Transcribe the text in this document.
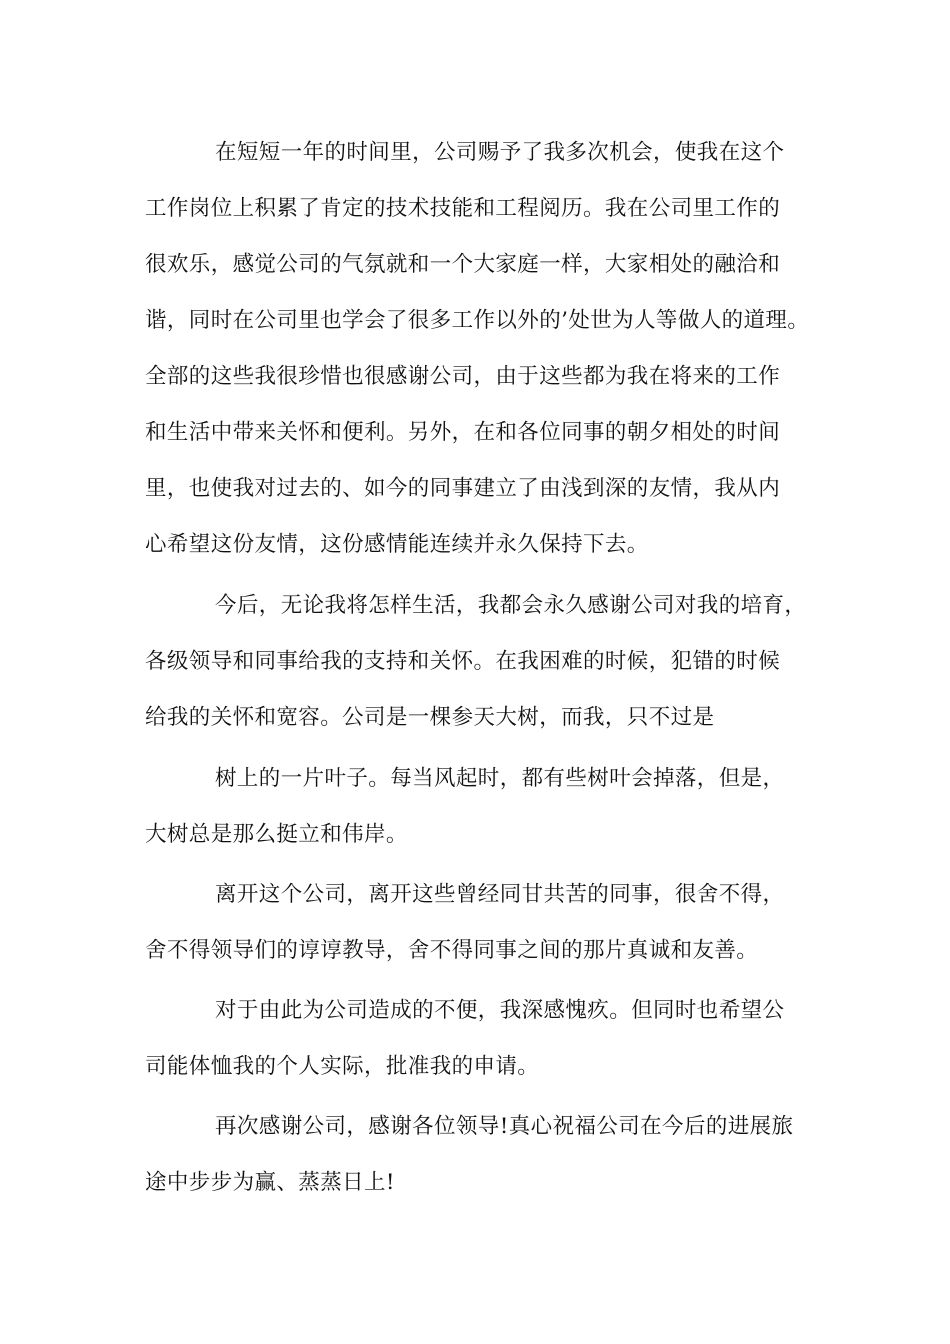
在短短一年的时间里，公司赐予了我多次机会，使我在这个
工作岗位上积累了肯定的技术技能和工程阅历。我在公司里工作的
很欢乐，感觉公司的气氛就和一个大家庭一样，大家相处的融洽和
谐，同时在公司里也学会了很多工作以外的’处世为人等做人的道理。
全部的这些我很珍惜也很感谢公司，由于这些都为我在将来的工作
和生活中带来关怀和便利。另外，在和各位同事的朝夕相处的时间
里，也使我对过去的、如今的同事建立了由浅到深的友情，我从内
心希望这份友情，这份感情能连续并永久保持下去。
今后，无论我将怎样生活，我都会永久感谢公司对我的培育，
各级领导和同事给我的支持和关怀。在我困难的时候，犯错的时候
给我的关怀和宽容。公司是一棵参天大树，而我，只不过是
树上的一片叶子。每当风起时，都有些树叶会掉落，但是，
大树总是那么挺立和伟岸。
离开这个公司，离开这些曾经同甘共苦的同事，很舍不得，
舍不得领导们的谆谆教导，舍不得同事之间的那片真诚和友善。
对于由此为公司造成的不便，我深感愧疚。但同时也希望公
司能体恤我的个人实际，批准我的申请。
再次感谢公司，感谢各位领导!真心祝福公司在今后的进展旅
途中步步为赢、蒸蒸日上!
